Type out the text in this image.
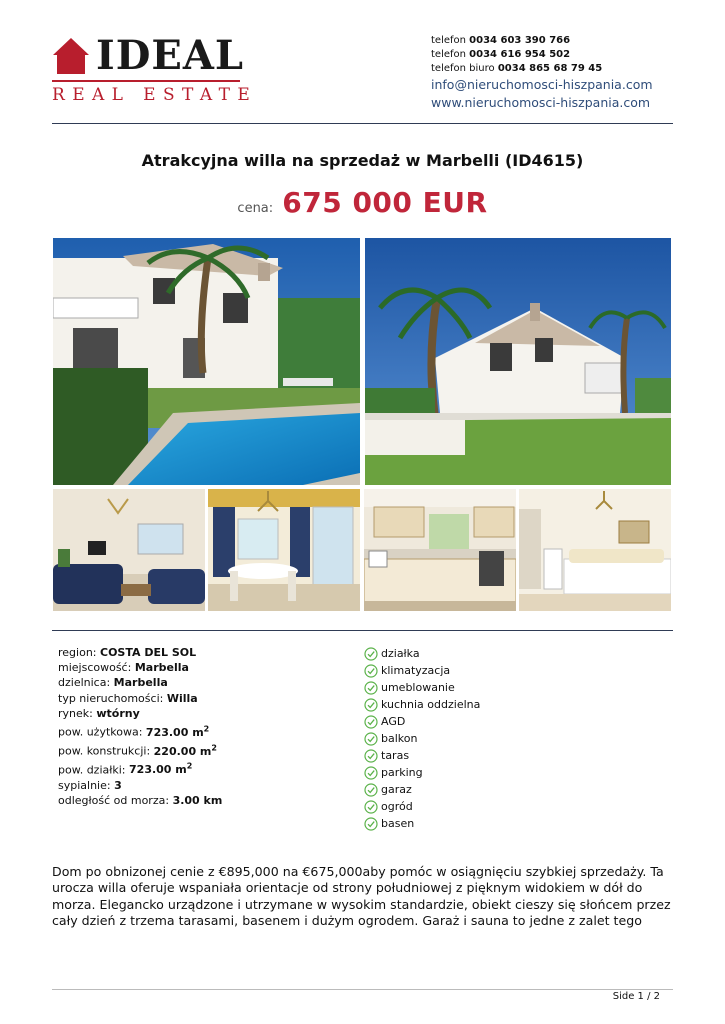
IDEAL
REAL ESTATE
telefon 0034 603 390 766
telefon 0034 616 954 502
telefon biuro 0034 865 68 79 45
info@nieruchomosci-hiszpania.com
www.nieruchomosci-hiszpania.com
Atrakcyjna willa na sprzedaż w Marbelli (ID4615)
cena: 675 000 EUR
region: COSTA DEL SOL
miejscowość: Marbella
dzielnica: Marbella
typ nieruchomości: Willa
rynek: wtórny
pow. użytkowa: 723.00 $m^2$
pow. konstrukcji: 220.00 $m^2$
pow. działki: 723.00 $m^2$
sypialnie: 3
odległość od morza: 3.00 km
działka
klimatyzacja
umeblowanie
kuchnia oddzielna
AGD
balkon
taras
parking
garaz
ogród
basen
Dom po obnizonej cenie z €895,000 na €675,000aby pomóc w osiągnięciu szybkiej sprzedaży. Ta urocza willa oferuje wspaniała orientacje od strony południowej z pięknym widokiem w dół do morza. Elegancko urządzone i utrzymane w wysokim standardzie, obiekt cieszy się słońcem przez cały dzień z trzema tarasami, basenem i dużym ogrodem. Garaż i sauna to jedne z zalet tego
Side 1 / 2
